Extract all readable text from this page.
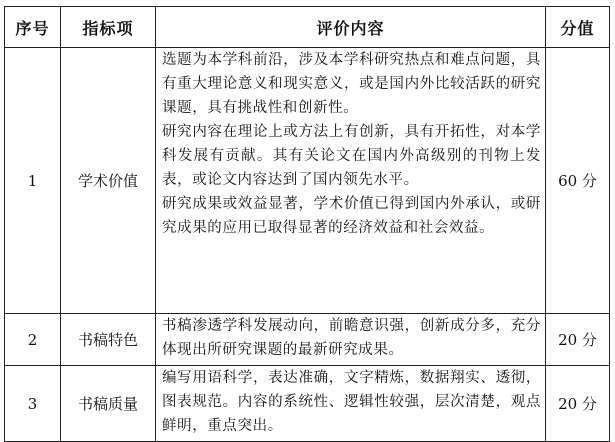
序号	指标项	评价内容	分值
1	学术价值	选题为本学科前沿，涉及本学科研究热点和难点问题，具有重大理论意义和现实意义，或是国内外比较活跃的研究课题，具有挑战性和创新性。

研究内容在理论上或方法上有创新，具有开拓性，对本学科发展有贡献。其有关论文在国内外高级别的刊物上发表，或论文内容达到了国内领先水平。

研究成果或效益显著，学术价值已得到国内外承认，或研究成果的应用已取得显著的经济效益和社会效益。	60 分
2	书稿特色	书稿渗透学科发展动向，前瞻意识强，创新成分多，充分体现出所研究课题的最新研究成果。	20 分
3	书稿质量	编写用语科学，表达准确，文字精炼，数据翔实、透彻，图表规范。内容的系统性、逻辑性较强，层次清楚，观点鲜明，重点突出。	20 分
